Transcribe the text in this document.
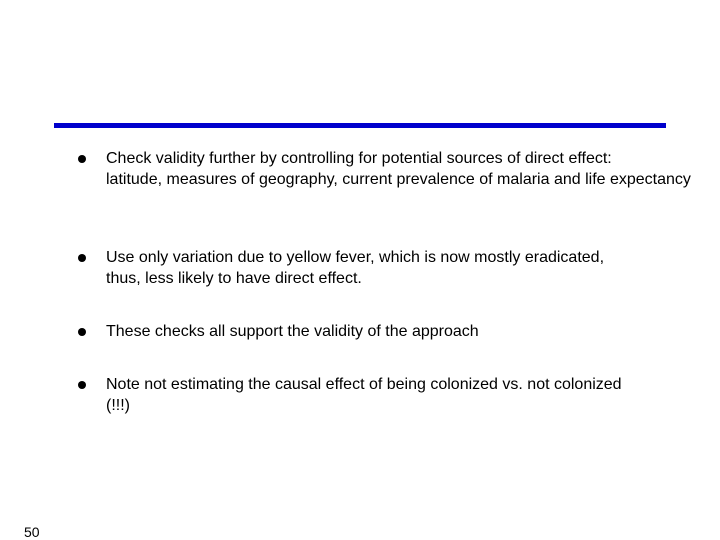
Check validity further by controlling for potential sources of direct effect:
latitude, measures of geography, current prevalence of malaria and life expectancy
Use only variation due to yellow fever, which is now mostly eradicated,
thus, less likely to have direct effect.
These checks all support the validity of the approach
Note not estimating the causal effect of being colonized vs. not colonized
(!!!)
50
